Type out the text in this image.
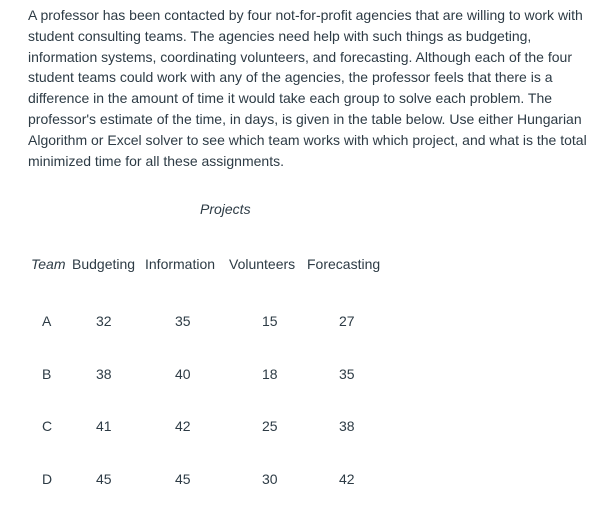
A professor has been contacted by four not-for-profit agencies that are willing to work with student consulting teams. The agencies need help with such things as budgeting, information systems, coordinating volunteers, and forecasting. Although each of the four student teams could work with any of the agencies, the professor feels that there is a difference in the amount of time it would take each group to solve each problem. The professor's estimate of the time, in days, is given in the table below. Use either Hungarian Algorithm or Excel solver to see which team works with which project, and what is the total minimized time for all these assignments.

Projects
Team	Budgeting	Information	Volunteers	Forecasting
A	32	35	15	27
B	38	40	18	35
C	41	42	25	38
D	45	45	30	42
